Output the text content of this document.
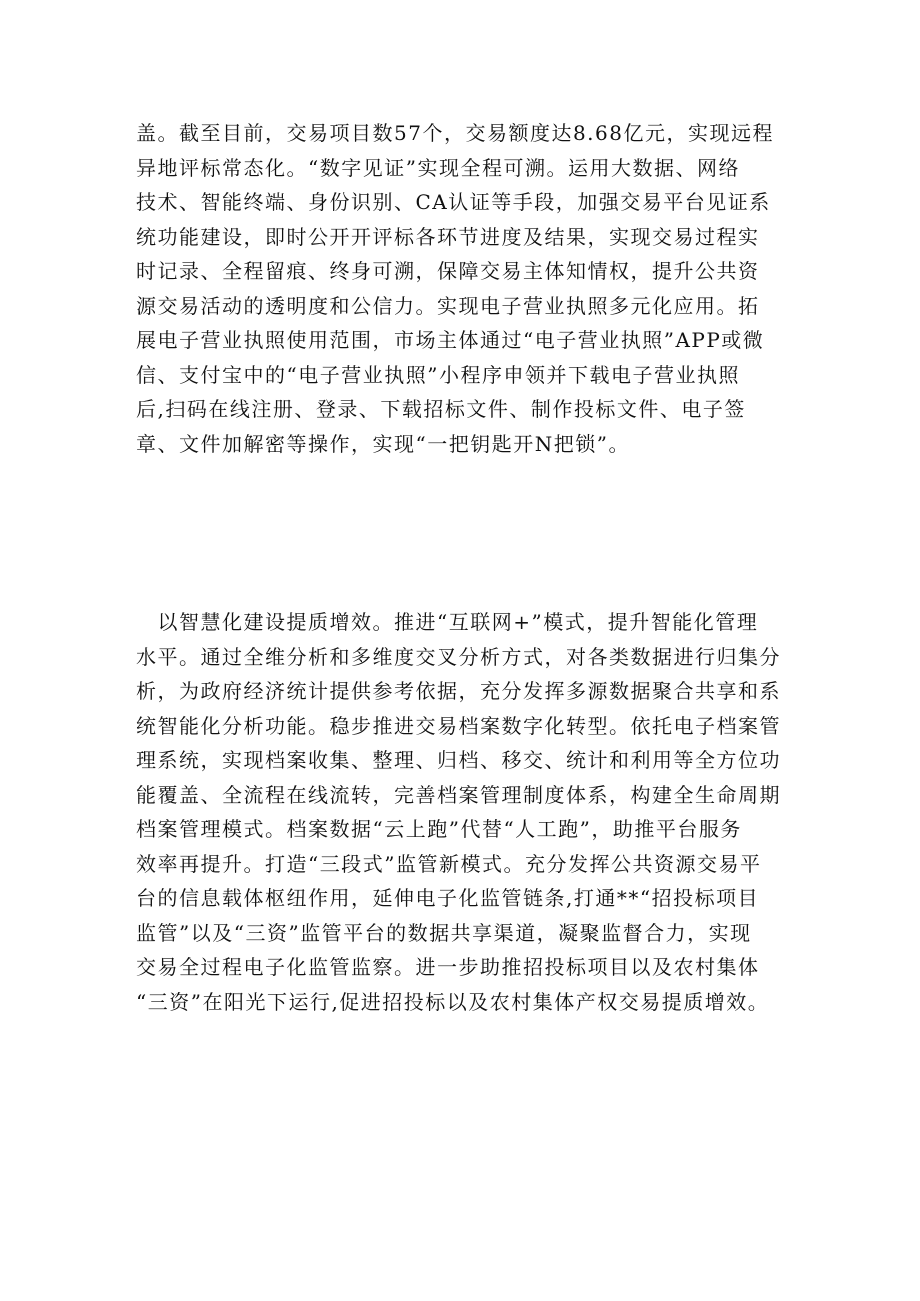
盖。截至目前，交易项目数57个，交易额度达8.68亿元，实现远程
异地评标常态化。“数字见证”实现全程可溯。运用大数据、网络
技术、智能终端、身份识别、CA认证等手段，加强交易平台见证系
统功能建设，即时公开开评标各环节进度及结果，实现交易过程实
时记录、全程留痕、终身可溯，保障交易主体知情权，提升公共资
源交易活动的透明度和公信力。实现电子营业执照多元化应用。拓
展电子营业执照使用范围，市场主体通过“电子营业执照”APP或微
信、支付宝中的“电子营业执照”小程序申领并下载电子营业执照
后,扫码在线注册、登录、下载招标文件、制作投标文件、电子签
章、文件加解密等操作，实现“一把钥匙开N把锁”。
　以智慧化建设提质增效。推进“互联网+”模式，提升智能化管理
水平。通过全维分析和多维度交叉分析方式，对各类数据进行归集分
析，为政府经济统计提供参考依据，充分发挥多源数据聚合共享和系
统智能化分析功能。稳步推进交易档案数字化转型。依托电子档案管
理系统，实现档案收集、整理、归档、移交、统计和利用等全方位功
能覆盖、全流程在线流转，完善档案管理制度体系，构建全生命周期
档案管理模式。档案数据“云上跑”代替“人工跑”，助推平台服务
效率再提升。打造“三段式”监管新模式。充分发挥公共资源交易平
台的信息载体枢纽作用，延伸电子化监管链条,打通**“招投标项目
监管”以及“三资”监管平台的数据共享渠道，凝聚监督合力，实现
交易全过程电子化监管监察。进一步助推招投标项目以及农村集体
“三资”在阳光下运行,促进招投标以及农村集体产权交易提质增效。
